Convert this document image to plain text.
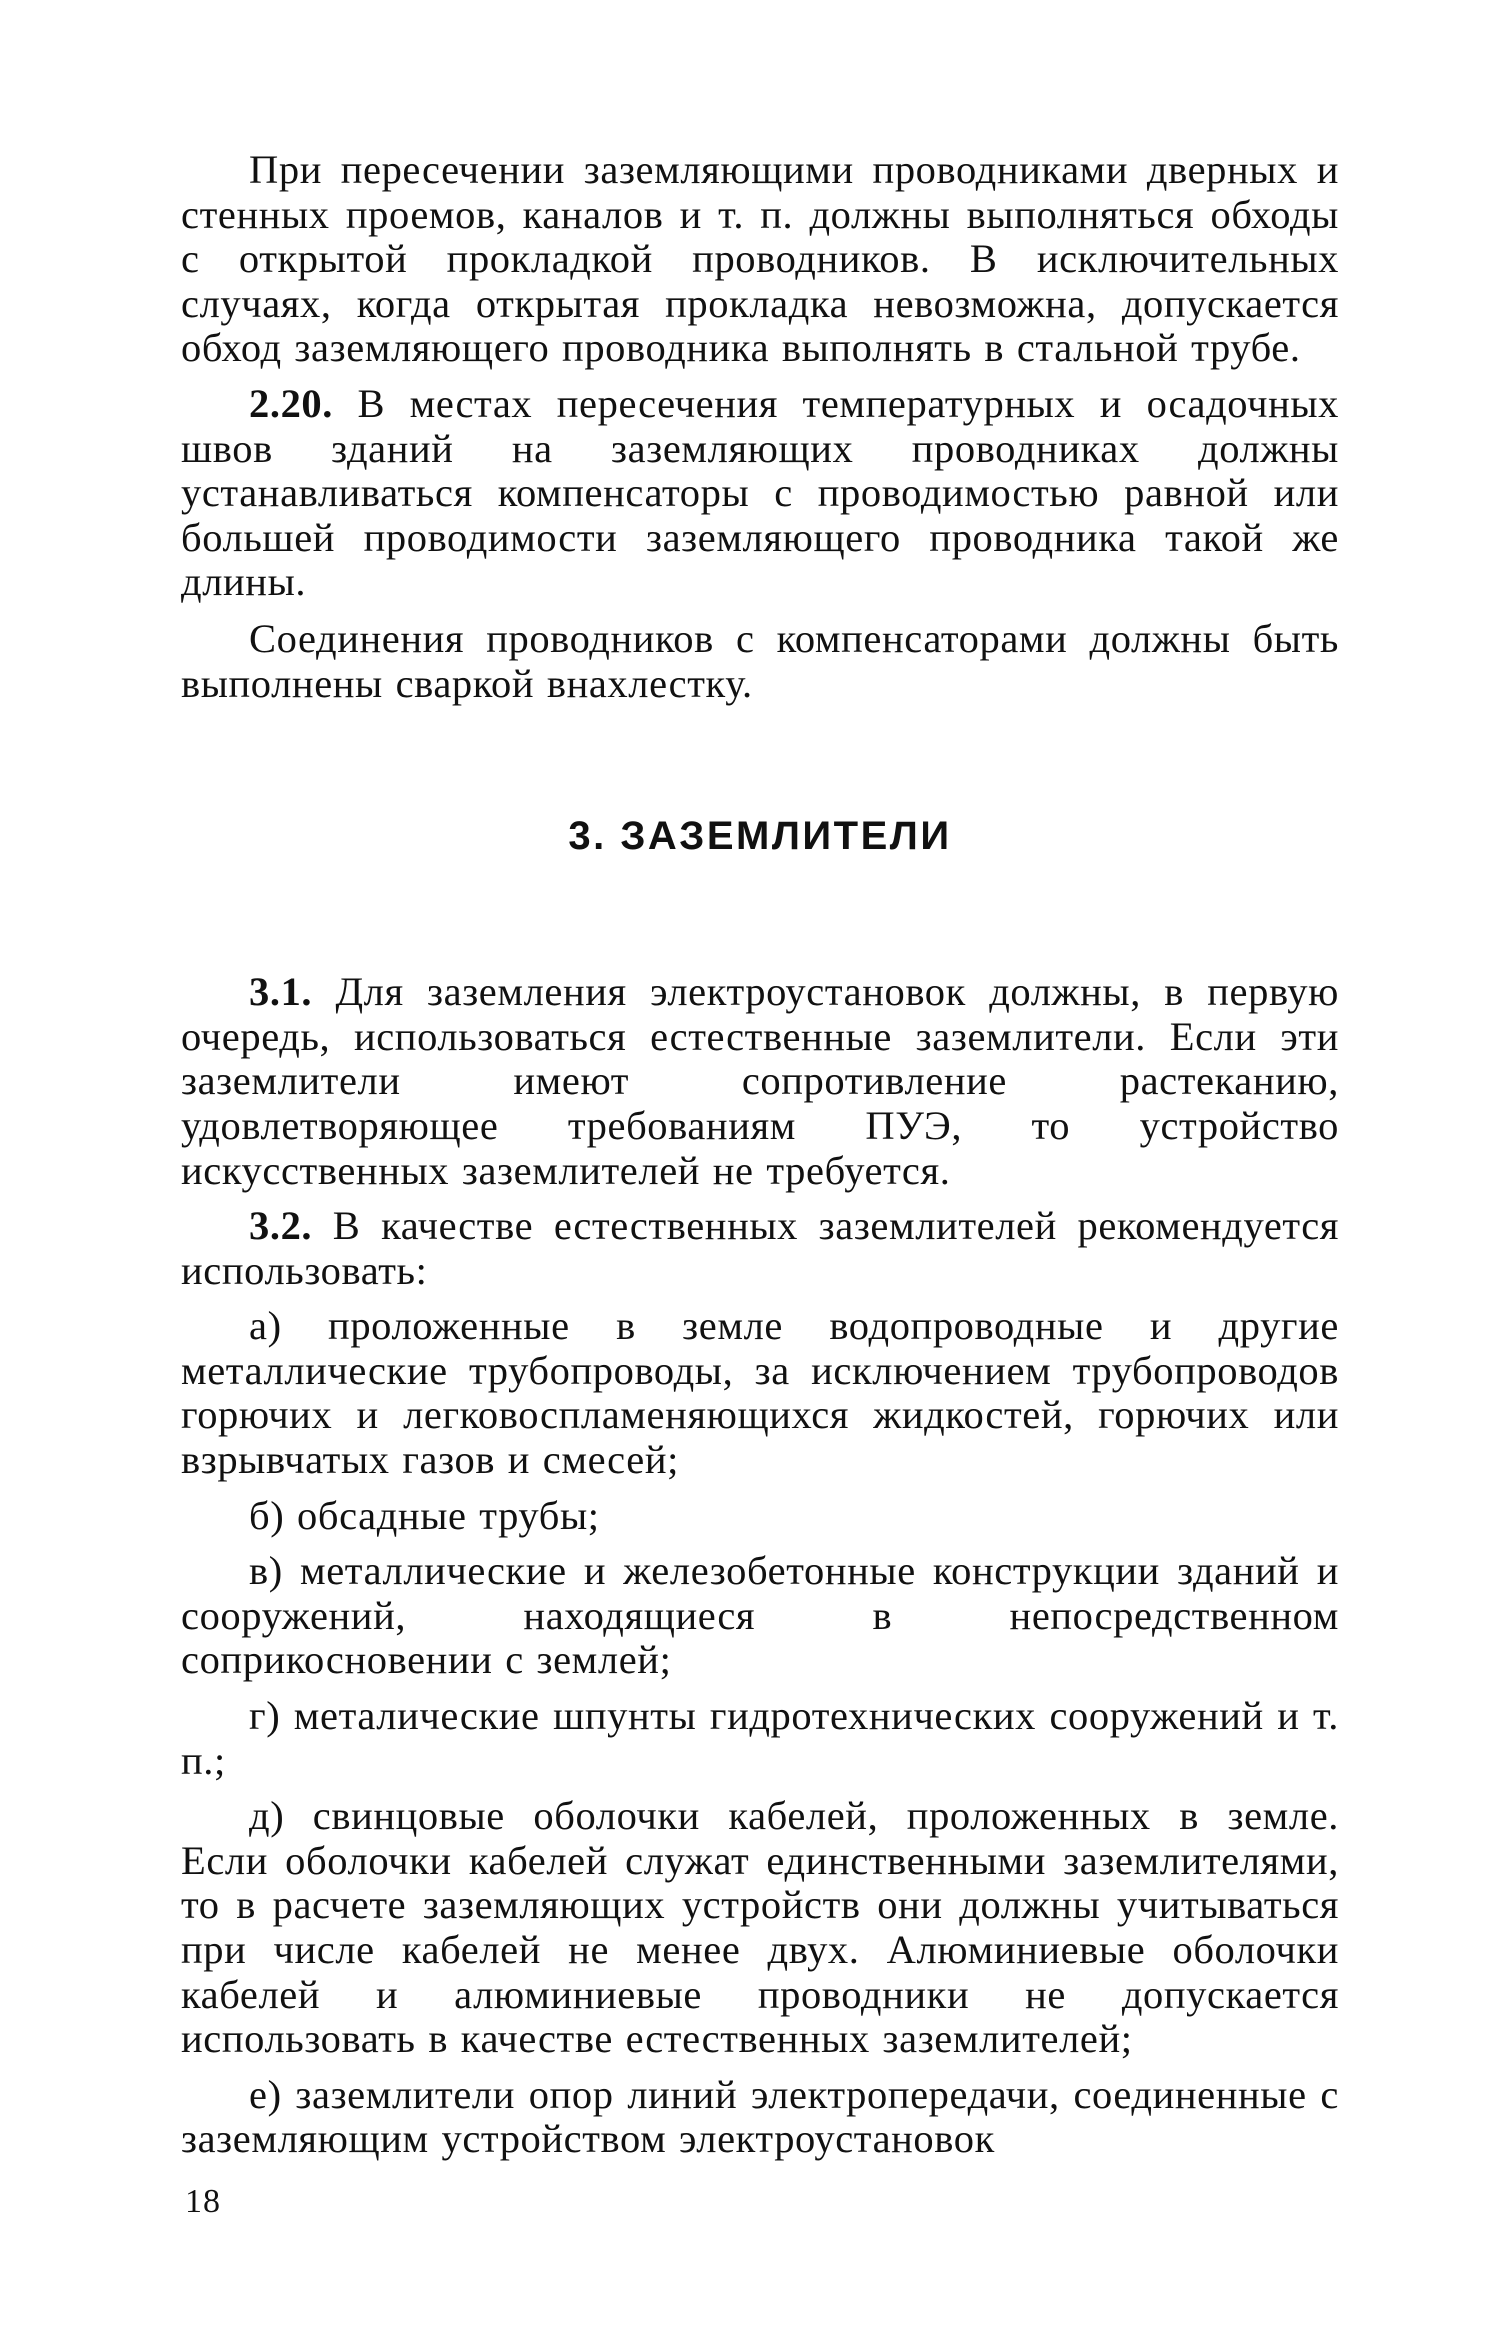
При пересечении заземляющими проводниками дверных и стенных проемов, каналов и т. п. должны выполняться обходы с открытой прокладкой проводников. В исключительных случаях, когда открытая прокладка невозможна, допускается обход заземляющего проводника выполнять в стальной трубе.

2.20. В местах пересечения температурных и осадочных швов зданий на заземляющих проводниках должны устанавливаться компенсаторы с проводимостью равной или большей проводимости заземляющего проводника такой же длины.

Соединения проводников с компенсаторами должны быть выполнены сваркой внахлестку.

3. ЗАЗЕМЛИТЕЛИ

3.1. Для заземления электроустановок должны, в первую очередь, использоваться естественные заземлители. Если эти заземлители имеют сопротивление растеканию, удовлетворяющее требованиям ПУЭ, то устройство искусственных заземлителей не требуется.

3.2. В качестве естественных заземлителей рекомендуется использовать:

а) проложенные в земле водопроводные и другие металлические трубопроводы, за исключением трубопроводов горючих и легковоспламеняющихся жидкостей, горючих или взрывчатых газов и смесей;

б) обсадные трубы;

в) металлические и железобетонные конструкции зданий и сооружений, находящиеся в непосредственном соприкосновении с землей;

г) металические шпунты гидротехнических сооружений и т. п.;

д) свинцовые оболочки кабелей, проложенных в земле. Если оболочки кабелей служат единственными заземлителями, то в расчете заземляющих устройств они должны учитываться при числе кабелей не менее двух. Алюминиевые оболочки кабелей и алюминиевые проводники не допускается использовать в качестве естественных заземлителей;

е) заземлители опор линий электропередачи, соединенные с заземляющим устройством электроустановок

18
